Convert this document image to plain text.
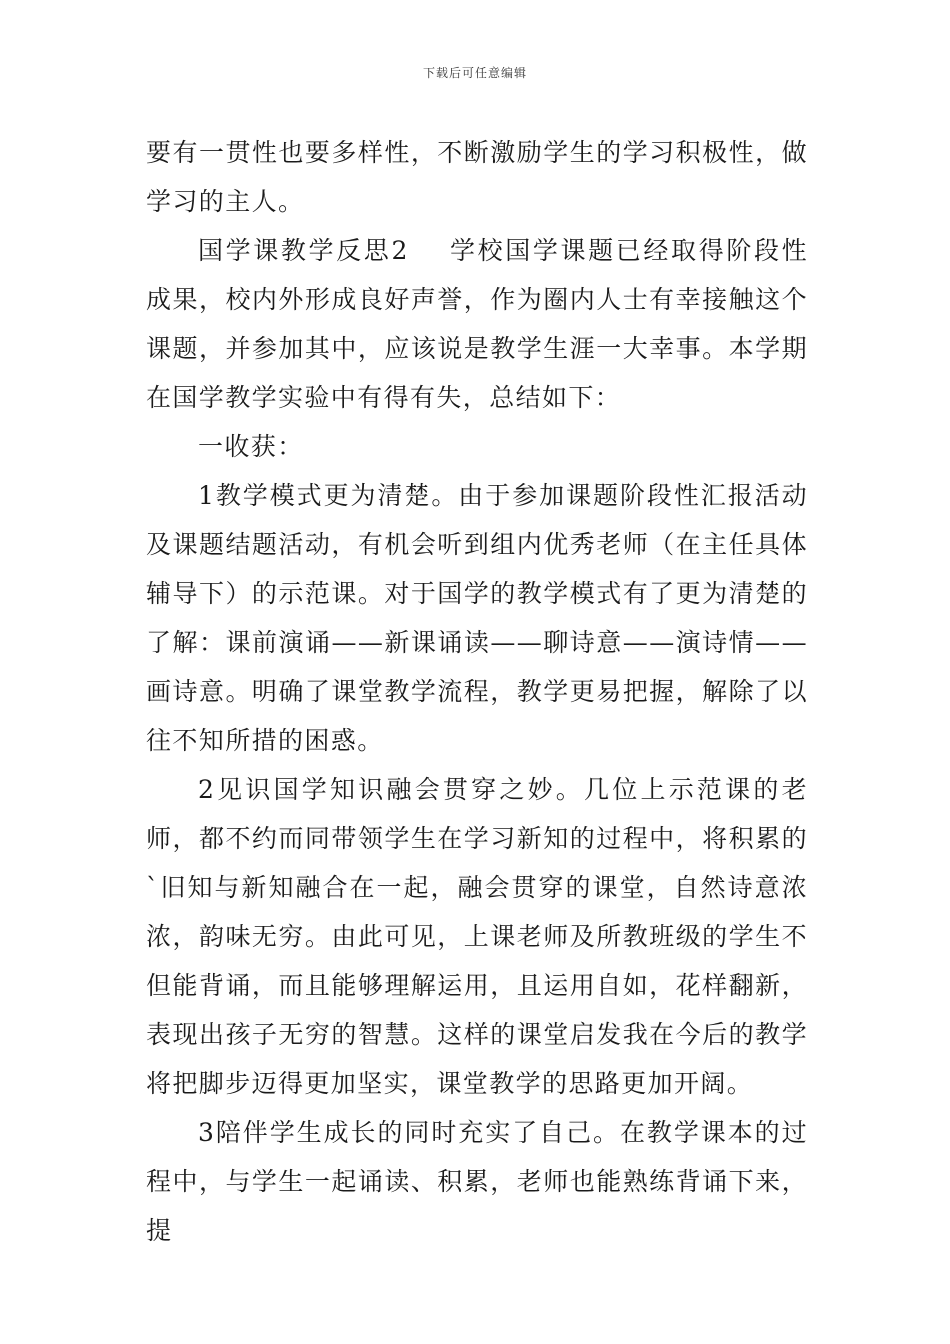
下载后可任意编辑

要有一贯性也要多样性，不断激励学生的学习积极性，做学习的主人。

国学课教学反思2 学校国学课题已经取得阶段性成果，校内外形成良好声誉，作为圈内人士有幸接触这个课题，并参加其中，应该说是教学生涯一大幸事。本学期在国学教学实验中有得有失，总结如下：

一收获：

1教学模式更为清楚。由于参加课题阶段性汇报活动及课题结题活动，有机会听到组内优秀老师（在主任具体辅导下）的示范课。对于国学的教学模式有了更为清楚的了解：课前演诵——新课诵读——聊诗意——演诗情——画诗意。明确了课堂教学流程，教学更易把握，解除了以往不知所措的困惑。

2见识国学知识融会贯穿之妙。几位上示范课的老师，都不约而同带领学生在学习新知的过程中，将积累的`旧知与新知融合在一起，融会贯穿的课堂，自然诗意浓浓，韵味无穷。由此可见，上课老师及所教班级的学生不但能背诵，而且能够理解运用，且运用自如，花样翻新，表现出孩子无穷的智慧。这样的课堂启发我在今后的教学将把脚步迈得更加坚实，课堂教学的思路更加开阔。

3陪伴学生成长的同时充实了自己。在教学课本的过程中，与学生一起诵读、积累，老师也能熟练背诵下来，提
